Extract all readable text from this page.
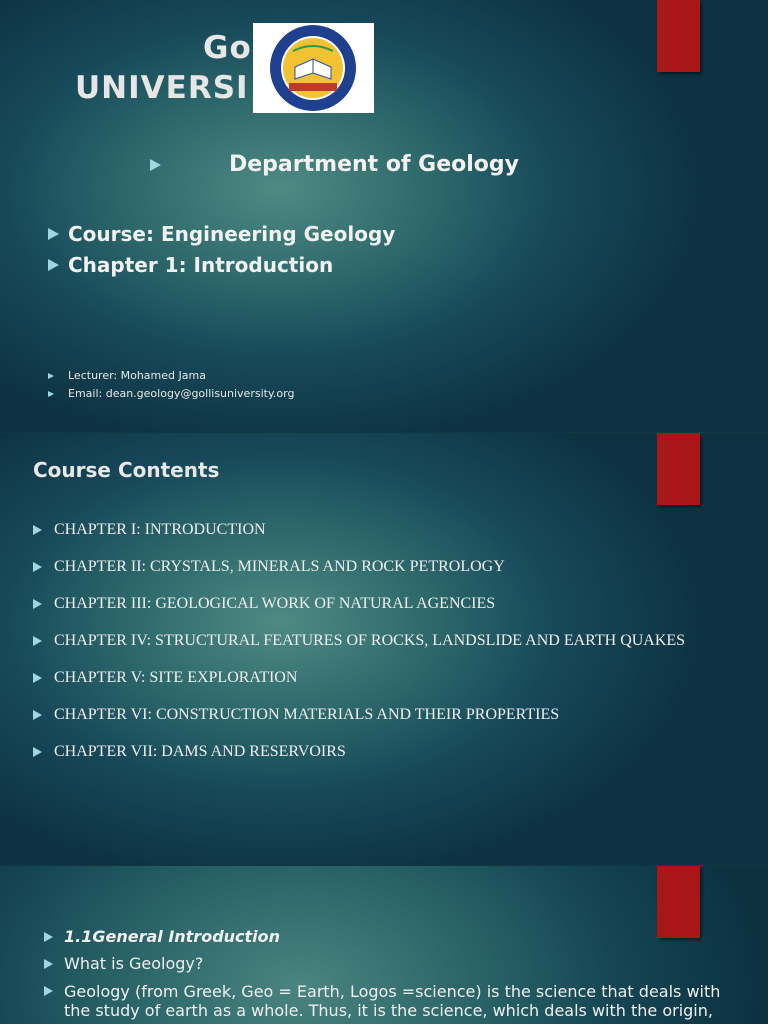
Go
UNIVERSI
Department of Geology
Course: Engineering Geology
Chapter 1: Introduction
Lecturer: Mohamed Jama
Email: dean.geology@gollisuniversity.org
Course Contents
CHAPTER I: INTRODUCTION
CHAPTER II: CRYSTALS, MINERALS AND ROCK PETROLOGY
CHAPTER III: GEOLOGICAL WORK OF NATURAL AGENCIES
CHAPTER IV: STRUCTURAL FEATURES OF ROCKS, LANDSLIDE AND EARTH QUAKES
CHAPTER V: SITE EXPLORATION
CHAPTER VI: CONSTRUCTION MATERIALS AND THEIR PROPERTIES
CHAPTER VII: DAMS AND RESERVOIRS
1.1General Introduction
What is Geology?
Geology (from Greek, Geo = Earth, Logos =science) is the science that deals with
the study of earth as a whole. Thus, it is the science, which deals with the origin,
